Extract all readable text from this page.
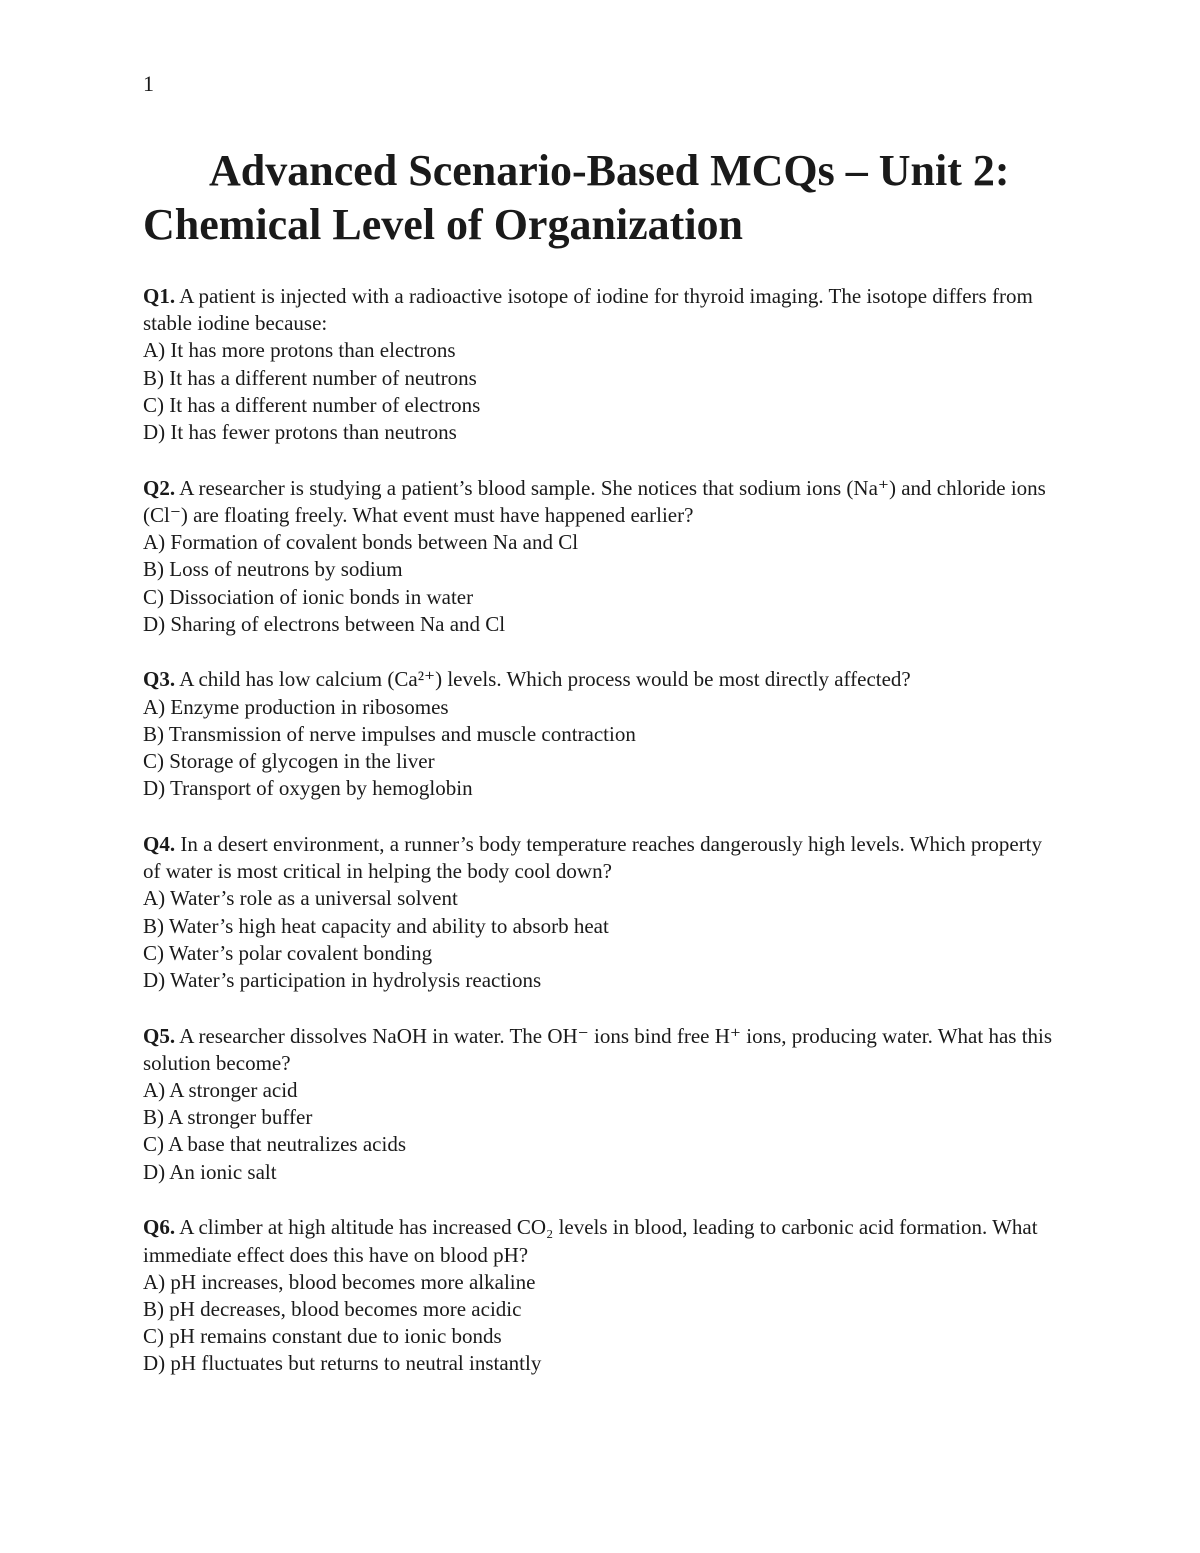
1
Advanced Scenario-Based MCQs – Unit 2: Chemical Level of Organization

Q1. A patient is injected with a radioactive isotope of iodine for thyroid imaging. The isotope differs from stable iodine because:

A) It has more protons than electrons
B) It has a different number of neutrons
C) It has a different number of electrons
D) It has fewer protons than neutrons

Q2. A researcher is studying a patient’s blood sample. She notices that sodium ions (Na⁺) and chloride ions (Cl⁻) are floating freely. What event must have happened earlier?

A) Formation of covalent bonds between Na and Cl
B) Loss of neutrons by sodium
C) Dissociation of ionic bonds in water
D) Sharing of electrons between Na and Cl

Q3. A child has low calcium (Ca²⁺) levels. Which process would be most directly affected?

A) Enzyme production in ribosomes
B) Transmission of nerve impulses and muscle contraction
C) Storage of glycogen in the liver
D) Transport of oxygen by hemoglobin

Q4. In a desert environment, a runner’s body temperature reaches dangerously high levels. Which property of water is most critical in helping the body cool down?

A) Water’s role as a universal solvent
B) Water’s high heat capacity and ability to absorb heat
C) Water’s polar covalent bonding
D) Water’s participation in hydrolysis reactions

Q5. A researcher dissolves NaOH in water. The OH⁻ ions bind free H⁺ ions, producing water. What has this solution become?

A) A stronger acid
B) A stronger buffer
C) A base that neutralizes acids
D) An ionic salt

Q6. A climber at high altitude has increased CO₂ levels in blood, leading to carbonic acid formation. What immediate effect does this have on blood pH?

A) pH increases, blood becomes more alkaline
B) pH decreases, blood becomes more acidic
C) pH remains constant due to ionic bonds
D) pH fluctuates but returns to neutral instantly
